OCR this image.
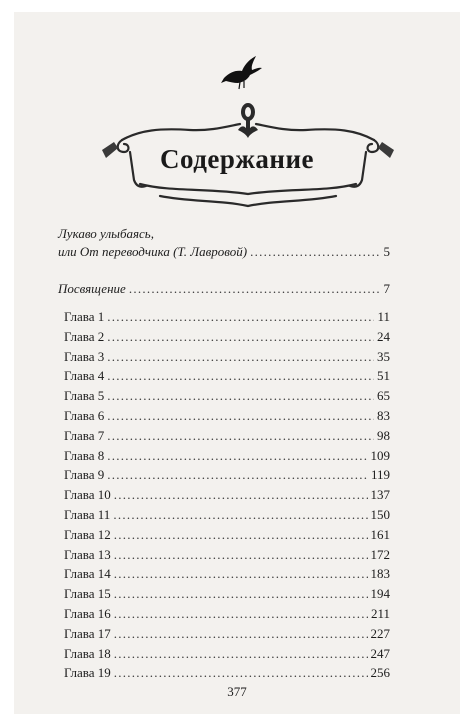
Содержание
Лукаво улыбаясь,
или От переводчика (Т. Лавровой) . . .	5
Посвящение . . .	7
Глава 1 . . .	11
Глава 2 . . .	24
Глава 3 . . .	35
Глава 4 . . .	51
Глава 5 . . .	65
Глава 6 . . .	83
Глава 7 . . .	98
Глава 8 . . .	109
Глава 9 . . .	119
Глава 10 . . .	137
Глава 11 . . .	150
Глава 12 . . .	161
Глава 13 . . .	172
Глава 14 . . .	183
Глава 15 . . .	194
Глава 16 . . .	211
Глава 17 . . .	227
Глава 18 . . .	247
Глава 19 . . .	256
377
